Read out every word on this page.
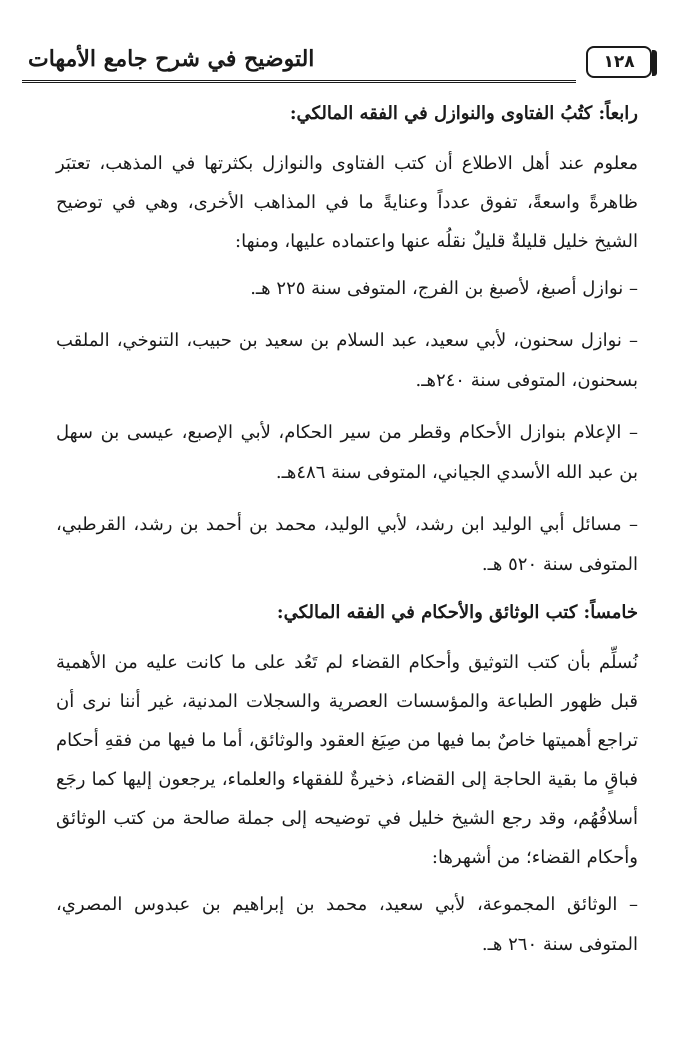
١٢٨
التوضيح في شرح جامع الأمهات

رابعاً: كتُبُ الفتاوى والنوازل في الفقه المالكي:

معلوم عند أهل الاطلاع أن كتب الفتاوى والنوازل بكثرتها في المذهب، تعتبَر ظاهرةً واسعةً، تفوق عدداً وعنايةً ما في المذاهب الأخرى، وهي في توضيح الشيخ خليل قليلةٌ قليلٌ نقلُه عنها واعتماده عليها، ومنها:

– نوازل أصبغ، لأصبغ بن الفرج، المتوفى سنة ٢٢٥ هـ.

– نوازل سحنون، لأبي سعيد، عبد السلام بن سعيد بن حبيب، التنوخي، الملقب بسحنون، المتوفى سنة ٢٤٠هـ.

– الإعلام بنوازل الأحكام وقطر من سير الحكام، لأبي الإصبع، عيسى بن سهل بن عبد الله الأسدي الجياني، المتوفى سنة ٤٨٦هـ.

– مسائل أبي الوليد ابن رشد، لأبي الوليد، محمد بن أحمد بن رشد، القرطبي، المتوفى سنة ٥٢٠ هـ.

خامساً: كتب الوثائق والأحكام في الفقه المالكي:

نُسلِّم بأن كتب التوثيق وأحكام القضاء لم تَعُد على ما كانت عليه من الأهمية قبل ظهور الطباعة والمؤسسات العصرية والسجلات المدنية، غير أننا نرى أن تراجع أهميتها خاصٌ بما فيها من صِيَغ العقود والوثائق، أما ما فيها من فقهِ أحكام فباقٍ ما بقية الحاجة إلى القضاء، ذخيرةٌ للفقهاء والعلماء، يرجعون إليها كما رجَع أسلافُهُم، وقد رجع الشيخ خليل في توضيحه إلى جملة صالحة من كتب الوثائق وأحكام القضاء؛ من أشهرها:

– الوثائق المجموعة، لأبي سعيد، محمد بن إبراهيم بن عبدوس المصري، المتوفى سنة ٢٦٠ هـ.
